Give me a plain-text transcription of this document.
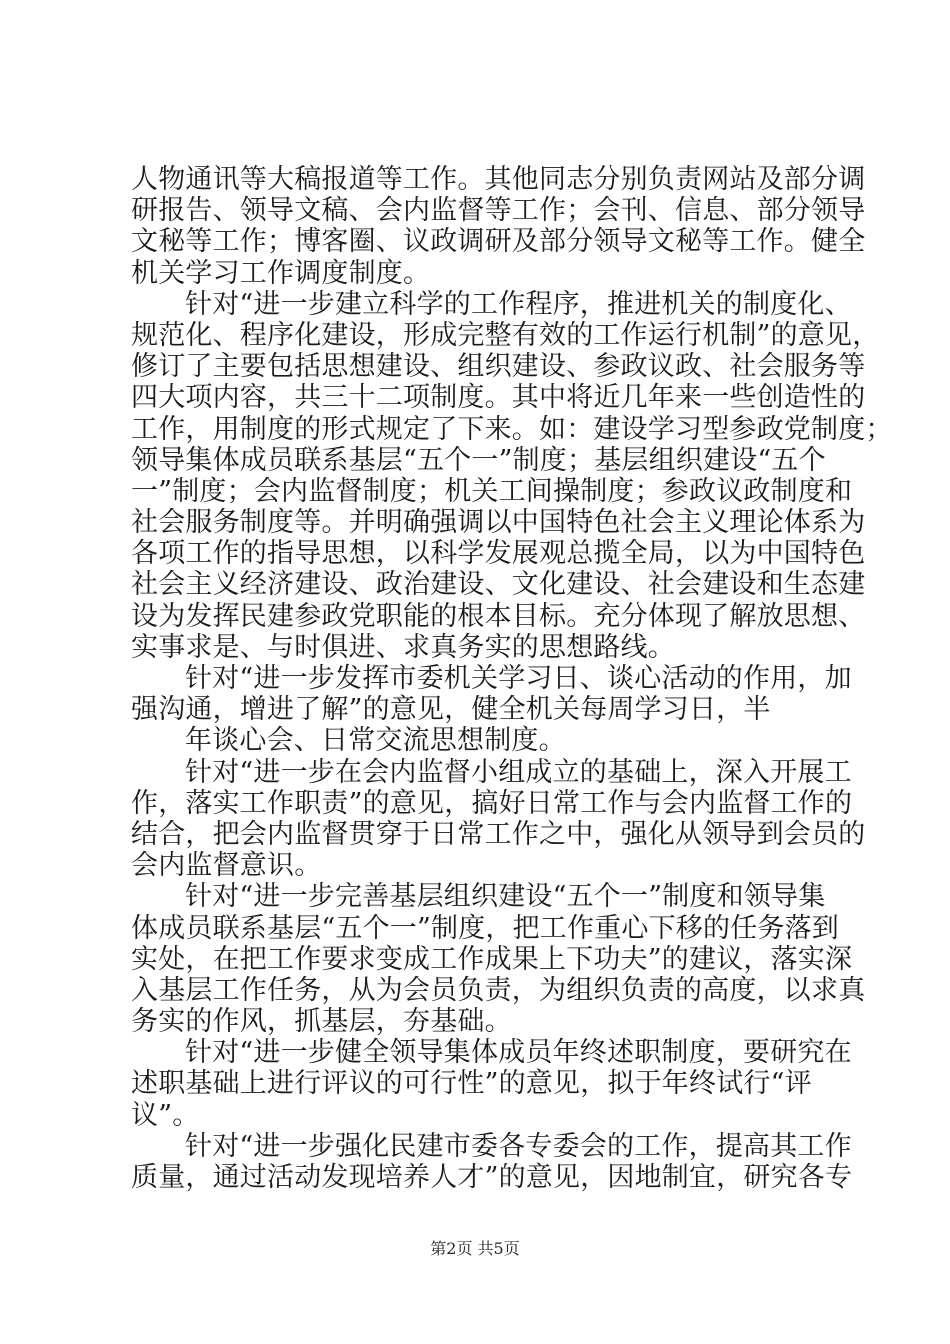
人物通讯等大稿报道等工作。其他同志分别负责网站及部分调
研报告、领导文稿、会内监督等工作；会刊、信息、部分领导
文秘等工作；博客圈、议政调研及部分领导文秘等工作。健全
机关学习工作调度制度。
针对“进一步建立科学的工作程序，推进机关的制度化、
规范化、程序化建设，形成完整有效的工作运行机制”的意见，
修订了主要包括思想建设、组织建设、参政议政、社会服务等
四大项内容，共三十二项制度。其中将近几年来一些创造性的
工作，用制度的形式规定了下来。如：建设学习型参政党制度；
领导集体成员联系基层“五个一”制度；基层组织建设“五个
一”制度；会内监督制度；机关工间操制度；参政议政制度和
社会服务制度等。并明确强调以中国特色社会主义理论体系为
各项工作的指导思想，以科学发展观总揽全局，以为中国特色
社会主义经济建设、政治建设、文化建设、社会建设和生态建
设为发挥民建参政党职能的根本目标。充分体现了解放思想、
实事求是、与时俱进、求真务实的思想路线。
针对“进一步发挥市委机关学习日、谈心活动的作用，加
强沟通，增进了解”的意见，健全机关每周学习日，半
年谈心会、日常交流思想制度。
针对“进一步在会内监督小组成立的基础上，深入开展工
作，落实工作职责”的意见，搞好日常工作与会内监督工作的
结合，把会内监督贯穿于日常工作之中，强化从领导到会员的
会内监督意识。
针对“进一步完善基层组织建设“五个一”制度和领导集
体成员联系基层“五个一”制度，把工作重心下移的任务落到
实处，在把工作要求变成工作成果上下功夫”的建议，落实深
入基层工作任务，从为会员负责，为组织负责的高度，以求真
务实的作风，抓基层，夯基础。
针对“进一步健全领导集体成员年终述职制度，要研究在
述职基础上进行评议的可行性”的意见，拟于年终试行“评
议”。
针对“进一步强化民建市委各专委会的工作，提高其工作
质量，通过活动发现培养人才”的意见，因地制宜，研究各专
第2页 共5页
